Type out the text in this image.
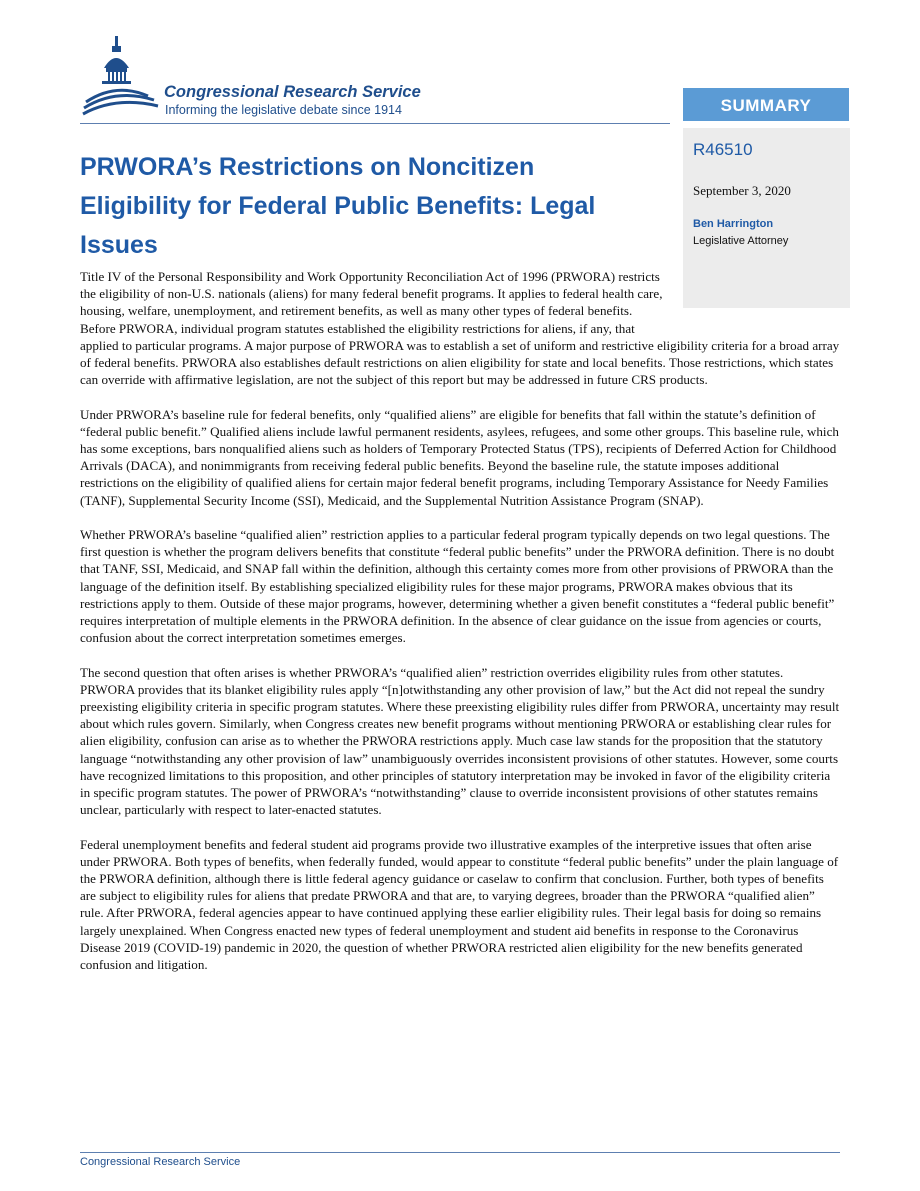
Congressional Research Service
Informing the legislative debate since 1914	SUMMARY
R46510
September 3, 2020
Ben Harrington
Legislative Attorney
PRWORA’s Restrictions on Noncitizen Eligibility for Federal Public Benefits: Legal Issues

Title IV of the Personal Responsibility and Work Opportunity Reconciliation Act of 1996 (PRWORA) restricts the eligibility of non-U.S. nationals (aliens) for many federal benefit programs. It applies to federal health care, housing, welfare, unemployment, and retirement benefits, as well as many other types of federal benefits. Before PRWORA, individual program statutes established the eligibility restrictions for aliens, if any, that applied to particular programs. A major purpose of PRWORA was to establish a set of uniform and restrictive eligibility criteria for a broad array of federal benefits. PRWORA also establishes default restrictions on alien eligibility for state and local benefits. Those restrictions, which states can override with affirmative legislation, are not the subject of this report but may be addressed in future CRS products.

Under PRWORA’s baseline rule for federal benefits, only “qualified aliens” are eligible for benefits that fall within the statute’s definition of “federal public benefit.” Qualified aliens include lawful permanent residents, asylees, refugees, and some other groups. This baseline rule, which has some exceptions, bars nonqualified aliens such as holders of Temporary Protected Status (TPS), recipients of Deferred Action for Childhood Arrivals (DACA), and nonimmigrants from receiving federal public benefits. Beyond the baseline rule, the statute imposes additional restrictions on the eligibility of qualified aliens for certain major federal benefit programs, including Temporary Assistance for Needy Families (TANF), Supplemental Security Income (SSI), Medicaid, and the Supplemental Nutrition Assistance Program (SNAP).

Whether PRWORA’s baseline “qualified alien” restriction applies to a particular federal program typically depends on two legal questions. The first question is whether the program delivers benefits that constitute “federal public benefits” under the PRWORA definition. There is no doubt that TANF, SSI, Medicaid, and SNAP fall within the definition, although this certainty comes more from other provisions of PRWORA than the language of the definition itself. By establishing specialized eligibility rules for these major programs, PRWORA makes obvious that its restrictions apply to them. Outside of these major programs, however, determining whether a given benefit constitutes a “federal public benefit” requires interpretation of multiple elements in the PRWORA definition. In the absence of clear guidance on the issue from agencies or courts, confusion about the correct interpretation sometimes emerges.

The second question that often arises is whether PRWORA’s “qualified alien” restriction overrides eligibility rules from other statutes. PRWORA provides that its blanket eligibility rules apply “[n]otwithstanding any other provision of law,” but the Act did not repeal the sundry preexisting eligibility criteria in specific program statutes. Where these preexisting eligibility rules differ from PRWORA, uncertainty may result about which rules govern. Similarly, when Congress creates new benefit programs without mentioning PRWORA or establishing clear rules for alien eligibility, confusion can arise as to whether the PRWORA restrictions apply. Much case law stands for the proposition that the statutory language “notwithstanding any other provision of law” unambiguously overrides inconsistent provisions of other statutes. However, some courts have recognized limitations to this proposition, and other principles of statutory interpretation may be invoked in favor of the eligibility criteria in specific program statutes. The power of PRWORA’s “notwithstanding” clause to override inconsistent provisions of other statutes remains unclear, particularly with respect to later-enacted statutes.

Federal unemployment benefits and federal student aid programs provide two illustrative examples of the interpretive issues that often arise under PRWORA. Both types of benefits, when federally funded, would appear to constitute “federal public benefits” under the plain language of the PRWORA definition, although there is little federal agency guidance or caselaw to confirm that conclusion. Further, both types of benefits are subject to eligibility rules for aliens that predate PRWORA and that are, to varying degrees, broader than the PRWORA “qualified alien” rule. After PRWORA, federal agencies appear to have continued applying these earlier eligibility rules. Their legal basis for doing so remains largely unexplained. When Congress enacted new types of federal unemployment and student aid benefits in response to the Coronavirus Disease 2019 (COVID-19) pandemic in 2020, the question of whether PRWORA restricted alien eligibility for the new benefits generated confusion and litigation.

Congressional Research Service
